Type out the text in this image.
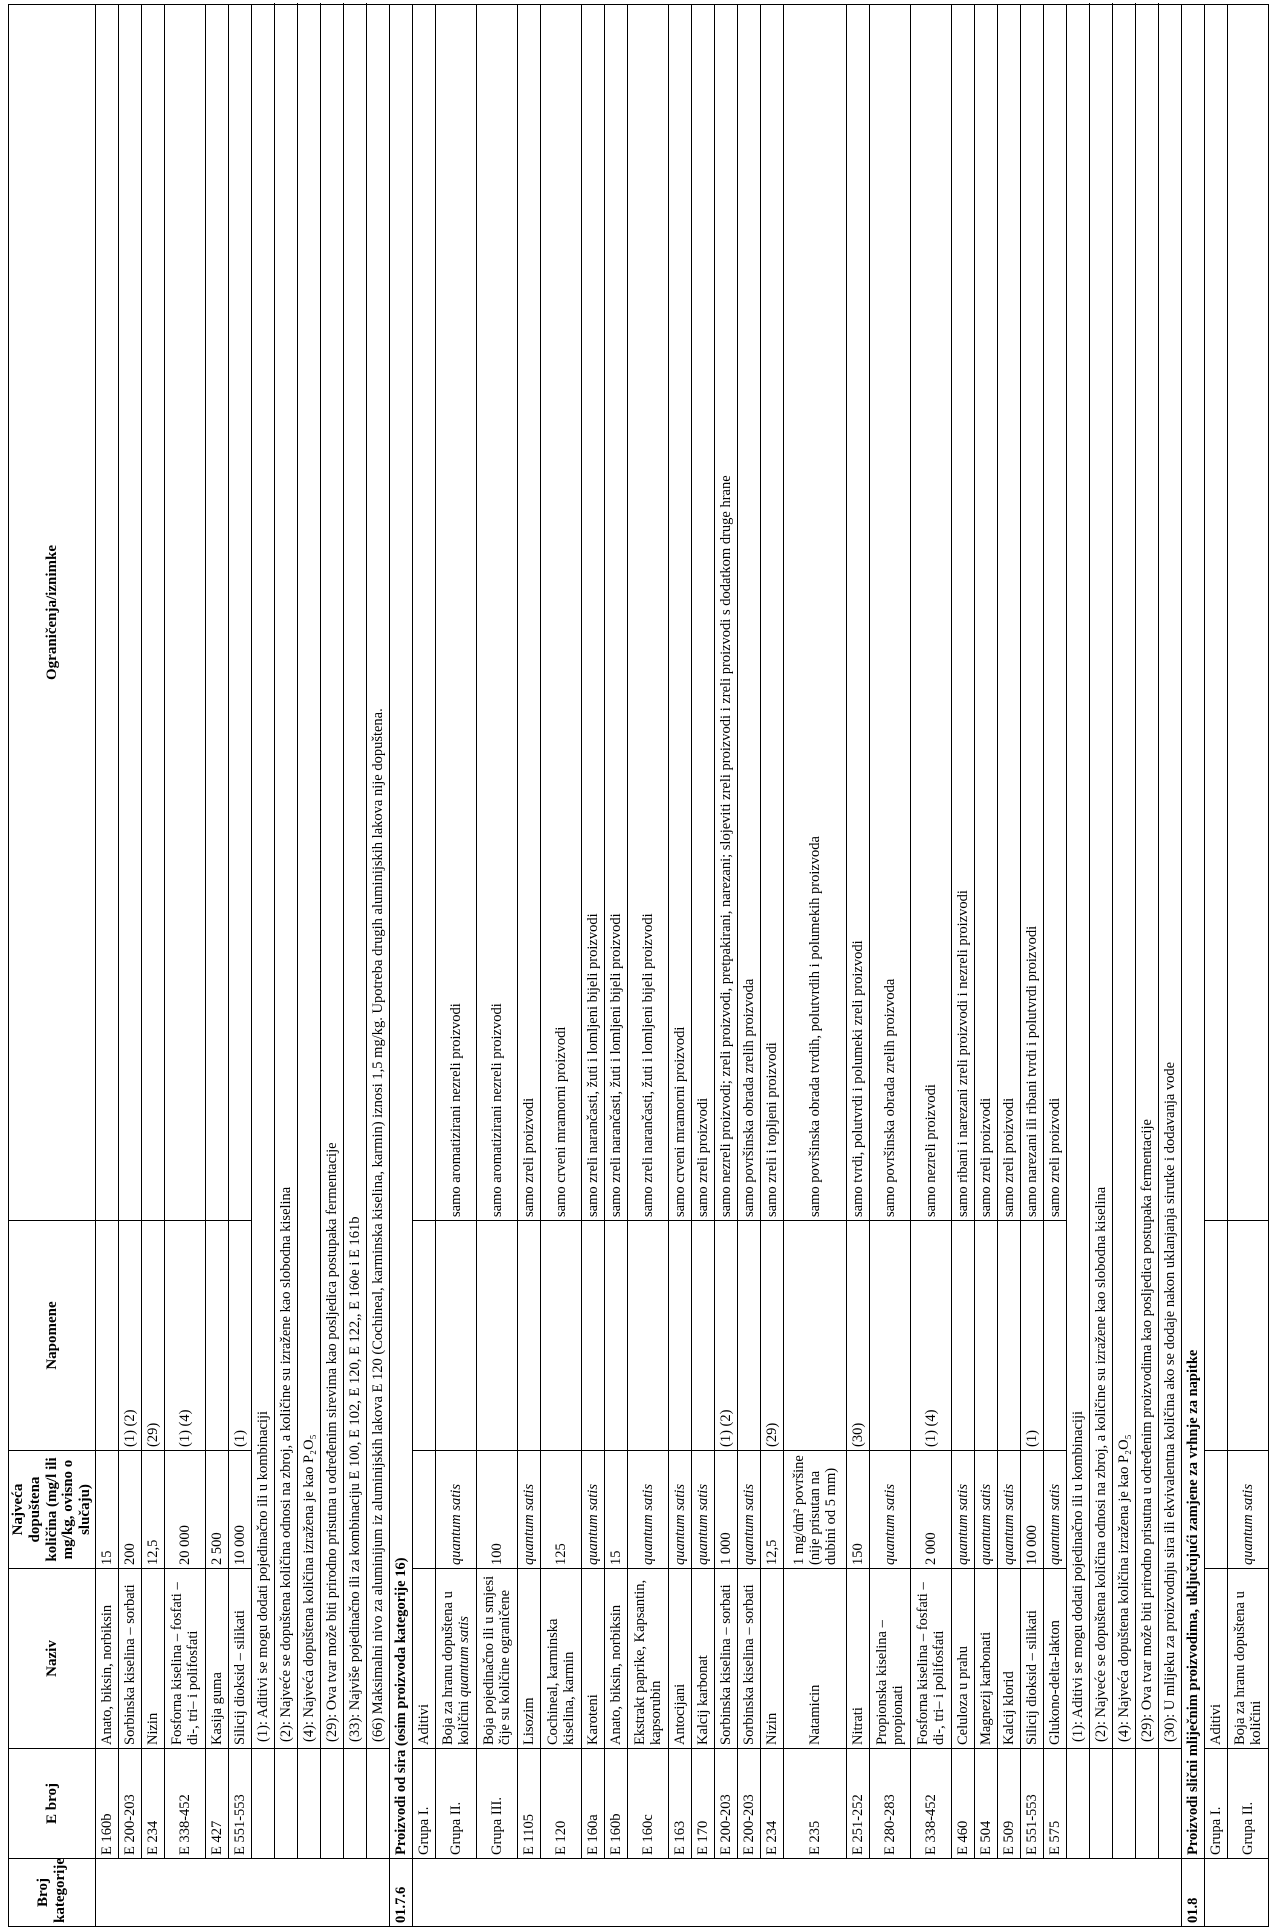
Broj kategorije	E broj	Naziv	Najveća dopuštena količina (mg/l ili mg/kg, ovisno o slučaju)	Napomene	Ograničenja/iznimke
	E 160b	Anato, biksin, norbiksin	15		
	E 200-203	Sorbinska kiselina – sorbati	200	(1) (2)	
	E 234	Nizin	12,5	(29)	
	E 338-452	Fosforna kiselina – fosfati – di-, tri– i polifosfati	20 000	(1) (4)	
	E 427	Kasija guma	2 500		
	E 551-553	Silicij dioksid – silikati	10 000	(1)	
		(1): Aditivi se mogu dodati pojedinačno ili u kombinaciji			
		(2): Najveće se dopuštena količina odnosi na zbroj, a količine su izražene kao slobodna kiselina			
		(4): Najveća dopuštena količina izražena je kao P₂O₅			
		(29): Ova tvar može biti prirodno prisutna u određenim sirevima kao posljedica postupaka fermentacije			
		(33): Najviše pojedinačno ili za kombinaciju E 100, E 102, E 120, E 122,, E 160e i E 161b			
		(66) Maksimalni nivo za aluminijum iz aluminijskih lakova E 120 (Cochineal, karminska kiselina, karmin) iznosi 1,5 mg/kg. Upotreba drugih aluminijskih lakova nije dopuštena.			
01.7.6	Proizvodi od sira (osim proizvoda kategorije 16)				
	Grupa I.	Aditivi			
	Grupa II.	Boja za hranu dopuštena u količini quantum satis	quantum satis		samo aromatizirani nezreli proizvodi
	Grupa III.	Boja pojedinačno ili u smjesi čije su količine ograničene	100		samo aromatizirani nezreli proizvodi
	E 1105	Lisozim	quantum satis		samo zreli proizvodi
	E 120	Cochineal, karminska kiselina, karmin	125		samo crveni mramorni proizvodi
	E 160a	Karoteni	quantum satis		samo zreli narančasti, žuti i lomljeni bijeli proizvodi
	E 160b	Anato, biksin, norbiksin	15		samo zreli narančasti, žuti i lomljeni bijeli proizvodi
	E 160c	Ekstrakt paprike, Kapsantin, kapsorubin	quantum satis		samo zreli narančasti, žuti i lomljeni bijeli proizvodi
	E 163	Antocijani	quantum satis		samo crveni mramorni proizvodi
	E 170	Kalcij karbonat	quantum satis		samo zreli proizvodi
	E 200-203	Sorbinska kiselina – sorbati	1 000	(1) (2)	samo nezreli proizvodi; zreli proizvodi, pretpakirani, narezani; slojeviti zreli proizvodi i zreli proizvodi s dodatkom druge hrane
	E 200-203	Sorbinska kiselina – sorbati	quantum satis		samo površinska obrada zrelih proizvoda
	E 234	Nizin	12,5	(29)	samo zreli i topljeni proizvodi
	E 235	Natamicin	1 mg/dm² površine (nije prisutan na dubini od 5 mm)		samo površinska obrada tvrdih, polutvrdih i polumekih proizvoda
	E 251-252	Nitrati	150	(30)	samo tvrdi, polutvrdi i polumeki zreli proizvodi
	E 280-283	Propionska kiselina – propionati	quantum satis		samo površinska obrada zrelih proizvoda
	E 338-452	Fosforna kiselina – fosfati – di-, tri– i polifosfati	2 000	(1) (4)	samo nezreli proizvodi
	E 460	Celuloza u prahu	quantum satis		samo ribani i narezani zreli proizvodi i nezreli proizvodi
	E 504	Magnezij karbonati	quantum satis		samo zreli proizvodi
	E 509	Kalcij klorid	quantum satis		samo zreli proizvodi
	E 551-553	Silicij dioksid – silikati	10 000	(1)	samo narezani ili ribani tvrdi i polutvrdi proizvodi
	E 575	Glukono-delta-lakton	quantum satis		samo zreli proizvodi
		(1): Aditivi se mogu dodati pojedinačno ili u kombinaciji			
		(2): Najveće se dopuštena količina odnosi na zbroj, a količine su izražene kao slobodna kiselina			
		(4): Najveća dopuštena količina izražena je kao P₂O₅			
		(29): Ova tvar može biti prirodno prisutna u određenim proizvodima kao posljedica postupaka fermentacije			
		(30): U mlijeku za proizvodnju sira ili ekvivalentna količina ako se dodaje nakon uklanjanja sirutke i dodavanja vode			
01.8	Proizvodi slični mliječnim proizvodima, uključujući zamjene za vrhnje za napitke				
	Grupa I.	Aditivi			
	Grupa II.	Boja za hranu dopuštena u količini	quantum satis		
